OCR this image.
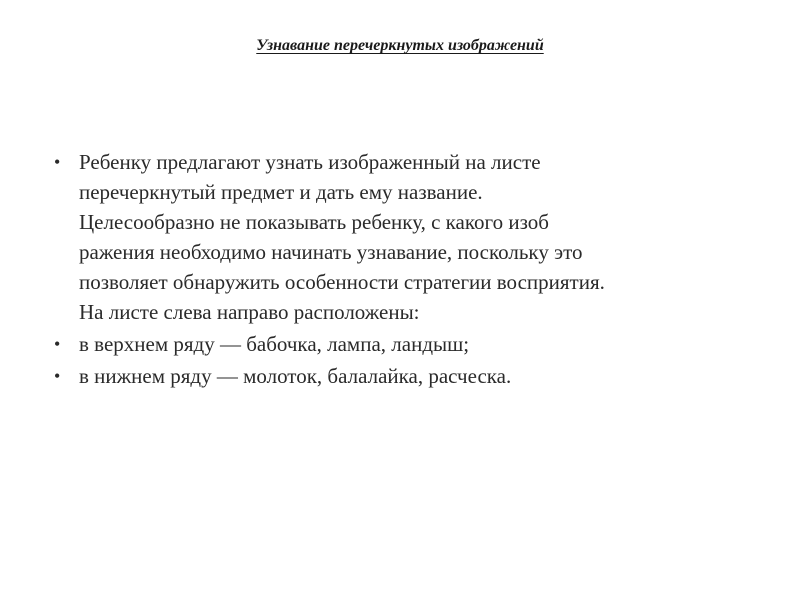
Узнавание перечеркнутых изображений
• Ребенку предлагают узнать изображенный на листе
перечеркнутый предмет и дать ему название.
Целесообразно не показывать ребенку, с какого изоб
ражения необходимо начинать узнавание, поскольку это
позволяет обнаружить особенности стратегии восприятия.
На листе слева направо расположены:
• в верхнем ряду — бабочка, лампа, ландыш;
• в нижнем ряду — молоток, балалайка, расческа.
